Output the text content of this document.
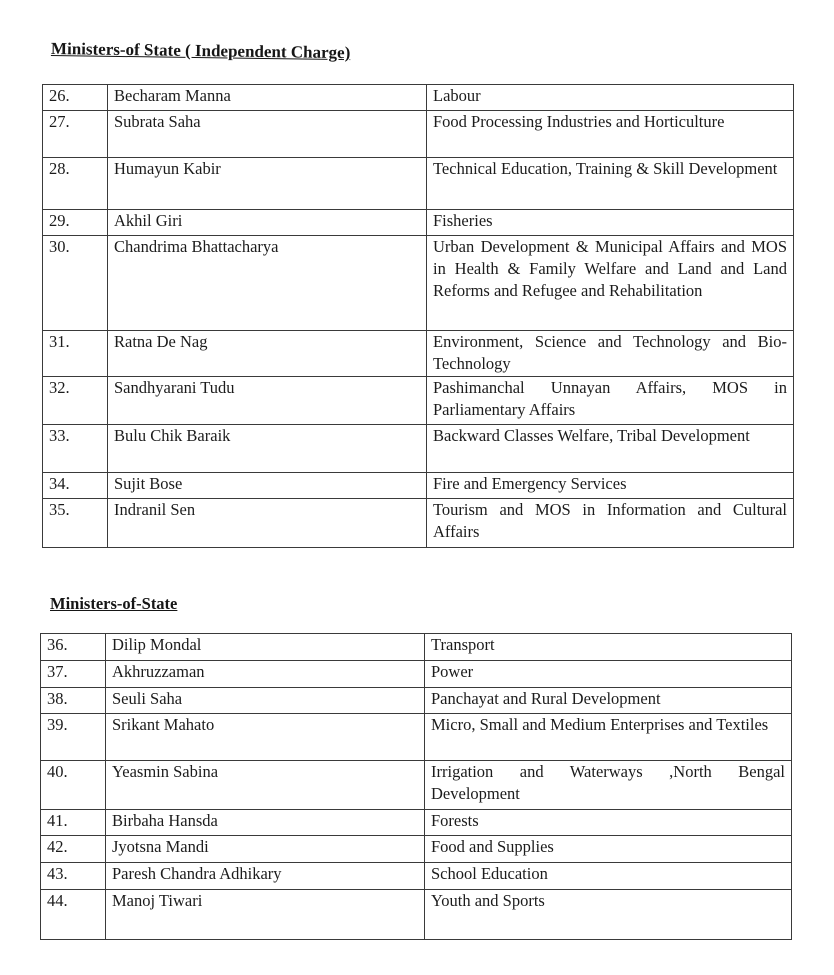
Ministers-of State ( Independent Charge)
26.	Becharam Manna	Labour
27.	Subrata Saha	Food Processing Industries and Horticulture
28.	Humayun Kabir	Technical Education, Training & Skill Development
29.	Akhil Giri	Fisheries
30.	Chandrima Bhattacharya	Urban Development & Municipal Affairs and MOS in Health & Family Welfare and Land and Land Reforms and Refugee and Rehabilitation
31.	Ratna De Nag	Environment, Science and Technology and Bio-Technology
32.	Sandhyarani Tudu	Pashimanchal Unnayan Affairs, MOS in Parliamentary Affairs
33.	Bulu Chik Baraik	Backward Classes Welfare, Tribal Development
34.	Sujit Bose	Fire and Emergency Services
35.	Indranil Sen	Tourism and MOS in Information and Cultural Affairs
Ministers-of-State
36.	Dilip Mondal	Transport
37.	Akhruzzaman	Power
38.	Seuli Saha	Panchayat and Rural Development
39.	Srikant Mahato	Micro, Small and Medium Enterprises and Textiles
40.	Yeasmin Sabina	Irrigation and Waterways ,North Bengal Development
41.	Birbaha Hansda	Forests
42.	Jyotsna Mandi	Food and Supplies
43.	Paresh Chandra Adhikary	School Education
44.	Manoj Tiwari	Youth and Sports
